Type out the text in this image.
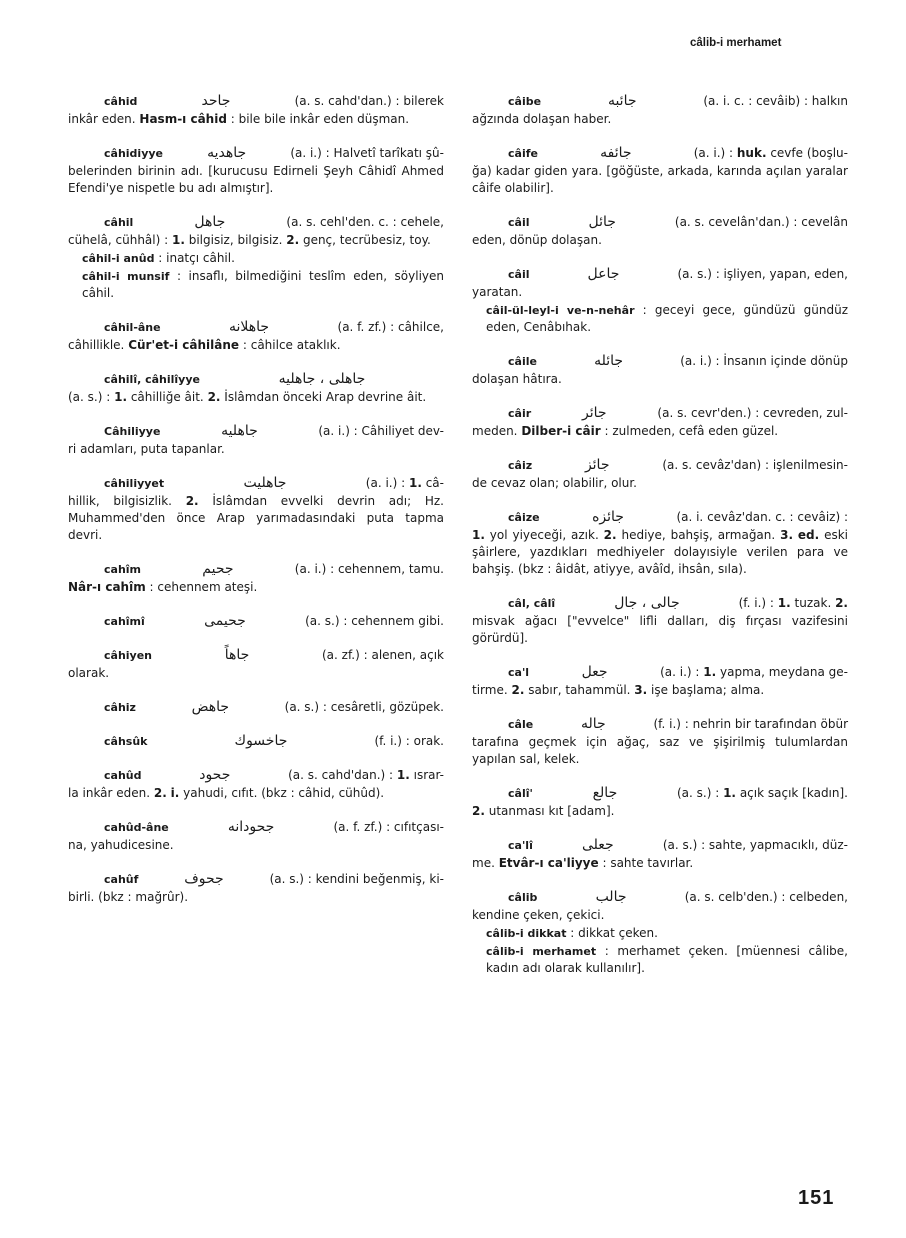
câlib-i merhamet
câhid	جاحد	(a. s. cahd'dan.) : bilerek
inkâr eden. Hasm-ı câhid : bile bile inkâr eden düşman.
câhidiyye	جاهديه	(a. i.) : Halvetî tarîkatı şû-
belerinden birinin adı. [kurucusu Edirneli Şeyh Câhidî Ahmed Efendi'ye nispetle bu adı almıştır].
câhil	جاهل	(a. s. cehl'den. c. : cehele,
cühelâ, cühhâl) : 1. bilgisiz, bilgisiz. 2. genç, tecrübesiz, toy.
câhil-i anûd : inatçı câhil.
câhil-i munsif : insaflı, bilmediğini teslîm eden, söyliyen câhil.
câhil-âne	جاهلانه	(a. f. zf.) : câhilce,
câhillikle. Cür'et-i câhilâne : câhilce ataklık.
câhilî, câhilîyye	جاهلى ، جاهليه
(a. s.) : 1. câhilliğe âit. 2. İslâmdan önceki Arap devrine âit.
Câhiliyye	جاهليه	(a. i.) : Câhiliyet dev-
ri adamları, puta tapanlar.
câhiliyyet	جاهليت	(a. i.) : 1. câ-
hillik, bilgisizlik. 2. İslâmdan evvelki devrin adı; Hz. Muhammed'den önce Arap yarımadasındaki puta tapma devri.
cahîm	جحيم	(a. i.) : cehennem, tamu.
Nâr-ı cahîm : cehennem ateşi.
cahîmî	جحيمى	(a. s.) : cehennem gibi.
câhiyen	جاهاً	(a. zf.) : alenen, açık
olarak.
câhiz	جاهض	(a. s.) : cesâretli, gözüpek.
câhsûk	جاخسوك	(f. i.) : orak.
cahûd	جحود	(a. s. cahd'dan.) : 1. ısrar-
la inkâr eden. 2. i. yahudi, cıfıt. (bkz : câhid, cühûd).
cahûd-âne	جحودانه	(a. f. zf.) : cıfıtçası-
na, yahudicesine.
cahûf	جحوف	(a. s.) : kendini beğenmiş, ki-
birli. (bkz : mağrûr).
câibe	جائبه	(a. i. c. : cevâib) : halkın
ağzında dolaşan haber.
câife	جائفه	(a. i.) : huk. cevfe (boşlu-
ğa) kadar giden yara. [göğüste, arkada, karında açılan yaralar câife olabilir].
câil	جائل	(a. s. cevelân'dan.) : cevelân
eden, dönüp dolaşan.
câil	جاعل	(a. s.) : işliyen, yapan, eden,
yaratan.
câil-ül-leyl-i ve-n-nehâr : geceyi gece, gündüzü gündüz eden, Cenâbıhak.
câile	جائله	(a. i.) : İnsanın içinde dönüp
dolaşan hâtıra.
câir	جائر	(a. s. cevr'den.) : cevreden, zul-
meden. Dilber-i câir : zulmeden, cefâ eden güzel.
câiz	جائز	(a. s. cevâz'dan) : işlenilmesin-
de cevaz olan; olabilir, olur.
câize	جائزه	(a. i. cevâz'dan. c. : cevâiz) :
1. yol yiyeceği, azık. 2. hediye, bahşiş, armağan. 3. ed. eski şâirlere, yazdıkları medhiyeler dolayısiyle verilen para ve bahşiş. (bkz : âidât, atiyye, avâîd, ihsân, sıla).
câl, câlî	جالى ، جال	(f. i.) : 1. tuzak. 2.
misvak ağacı ["evvelce" lifli dalları, diş fırçası vazifesini görürdü].
ca'l	جعل	(a. i.) : 1. yapma, meydana ge-
tirme. 2. sabır, tahammül. 3. işe başlama; alma.
câle	جاله	(f. i.) : nehrin bir tarafından öbür
tarafına geçmek için ağaç, saz ve şişirilmiş tulumlardan yapılan sal, kelek.
câlî'	جالع	(a. s.) : 1. açık saçık [kadın].
2. utanması kıt [adam].
ca'lî	جعلى	(a. s.) : sahte, yapmacıklı, düz-
me. Etvâr-ı ca'liyye : sahte tavırlar.
câlib	جالب	(a. s. celb'den.) : celbeden,
kendine çeken, çekici.
câlib-i dikkat : dikkat çeken.
câlib-i merhamet : merhamet çeken. [müennesi câlibe, kadın adı olarak kullanılır].
151
